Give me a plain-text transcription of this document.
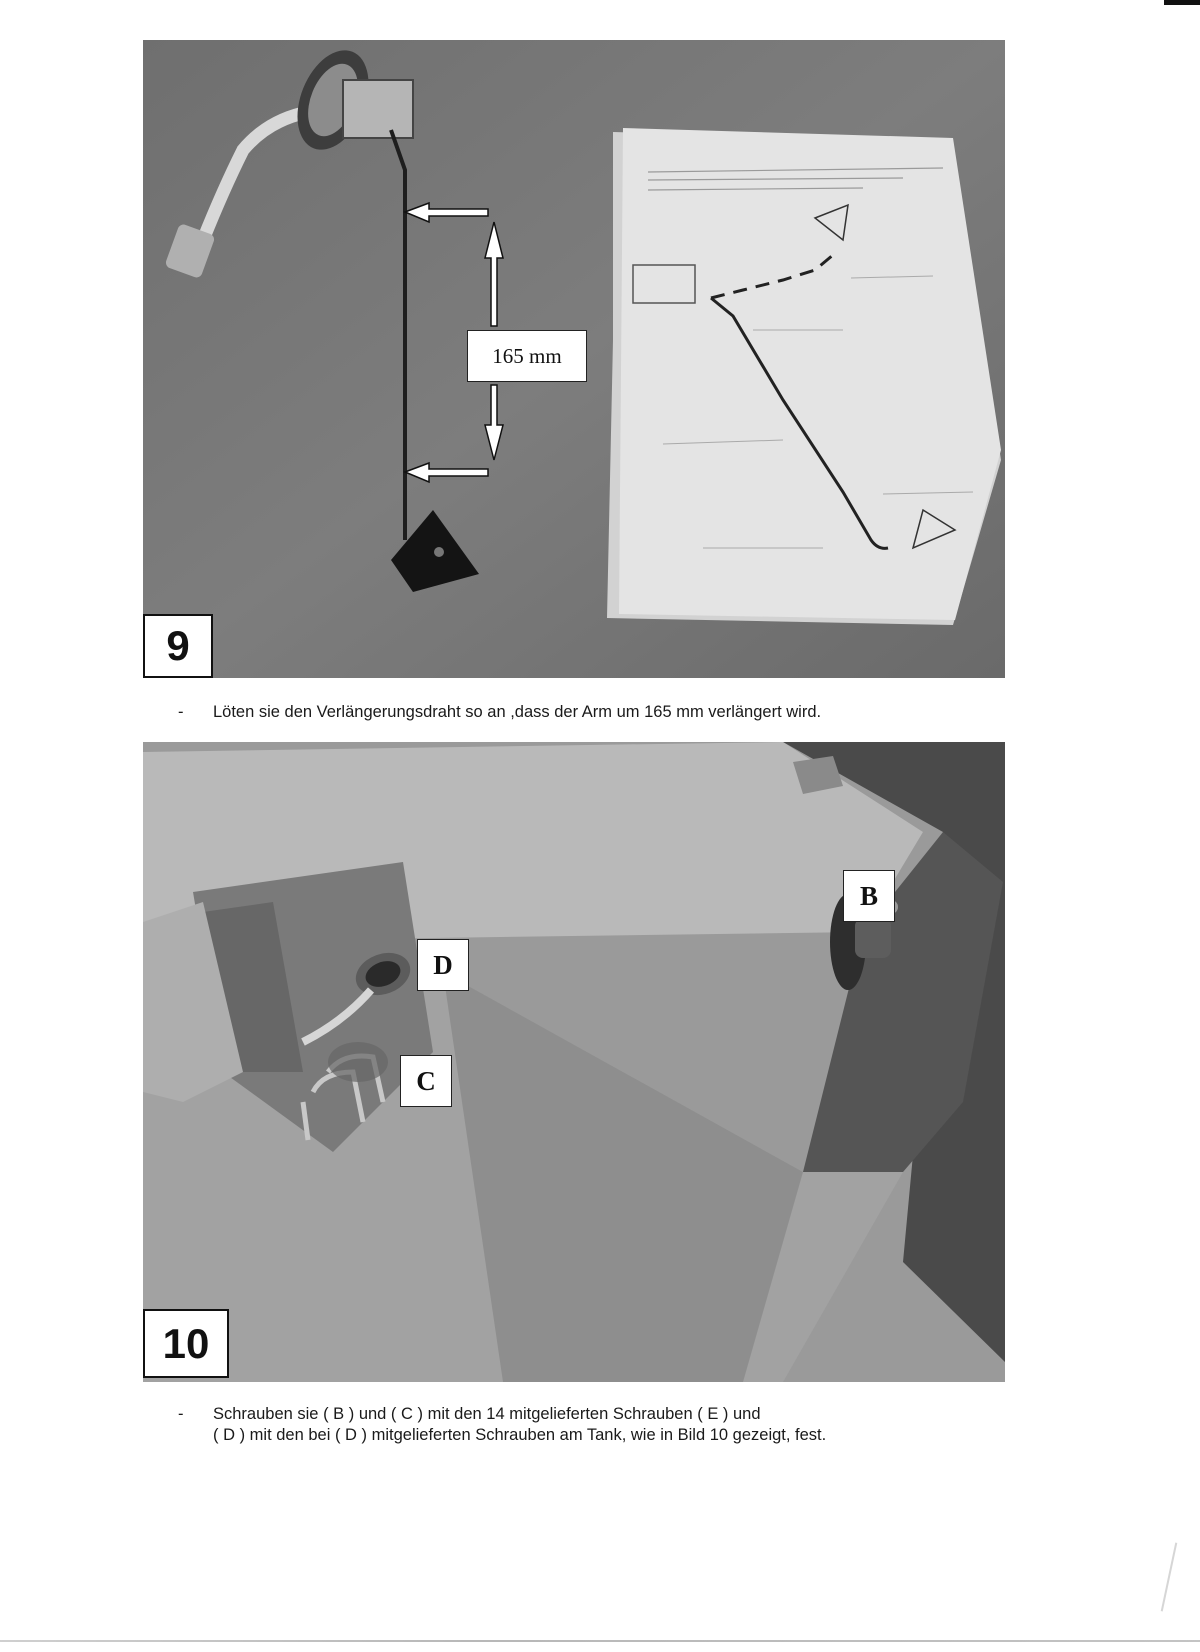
165 mm
9
- Löten sie den Verlängerungsdraht so an ,dass der Arm um 165 mm verlängert wird.
B
D
C
10
- Schrauben sie ( B ) und ( C ) mit den 14 mitgelieferten Schrauben ( E ) und
( D ) mit den bei ( D ) mitgelieferten Schrauben am Tank, wie in Bild 10 gezeigt, fest.
